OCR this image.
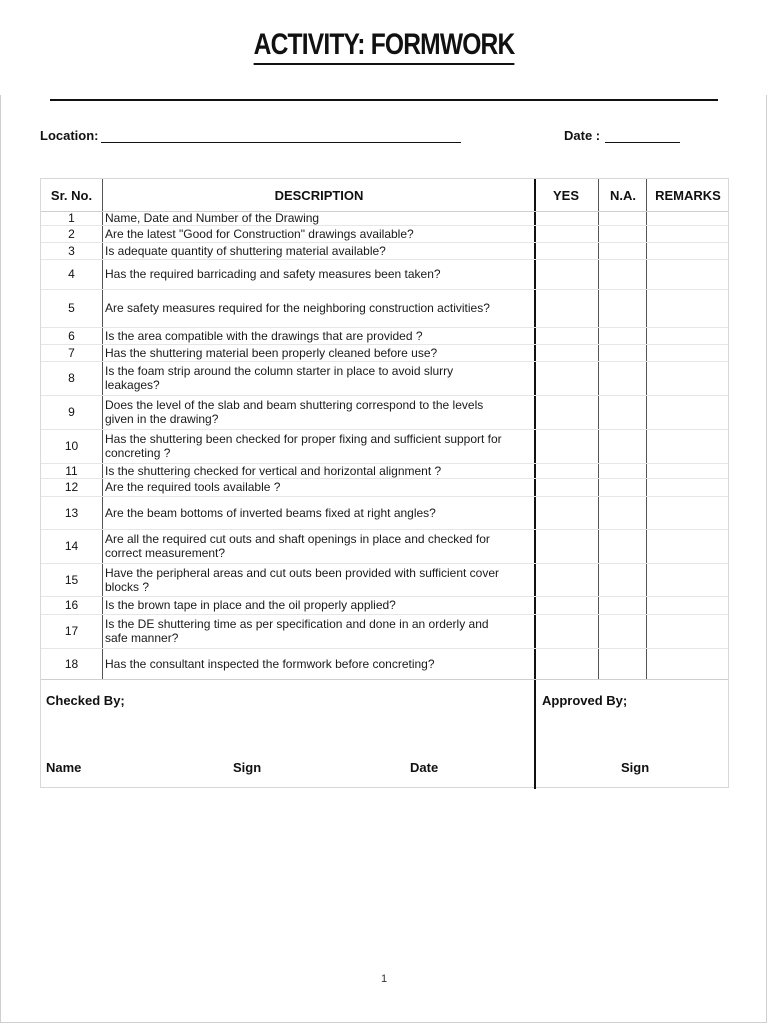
ACTIVITY: FORMWORK
Location:	Date :
Sr. No.	DESCRIPTION	YES	N.A.	REMARKS
1	Name, Date and Number of the Drawing
2	Are the latest "Good for Construction" drawings available?
3	Is adequate quantity of shuttering material available?
4	Has the required barricading and safety measures been taken?
5	Are safety measures required for the neighboring construction activities?
6	Is the area compatible with the drawings that are provided ?
7	Has the shuttering material been properly cleaned before use?
8	Is the foam strip around the column starter in place to avoid slurry leakages?
9	Does the level of the slab and beam shuttering correspond to the levels given in the drawing?
10	Has the shuttering been checked for proper fixing and sufficient support for concreting ?
11	Is the shuttering checked for vertical and horizontal alignment ?
12	Are the required tools available ?
13	Are the beam bottoms of inverted beams fixed at right angles?
14	Are all the required cut outs and shaft openings in place and checked for correct measurement?
15	Have the peripheral areas and cut outs been provided with sufficient cover blocks ?
16	Is the brown tape in place and the oil properly applied?
17	Is the DE shuttering time as per specification and done in an orderly and safe manner?
18	Has the consultant inspected the formwork before concreting?
Checked By;	Approved By;
Name	Sign	Date	Sign
1
